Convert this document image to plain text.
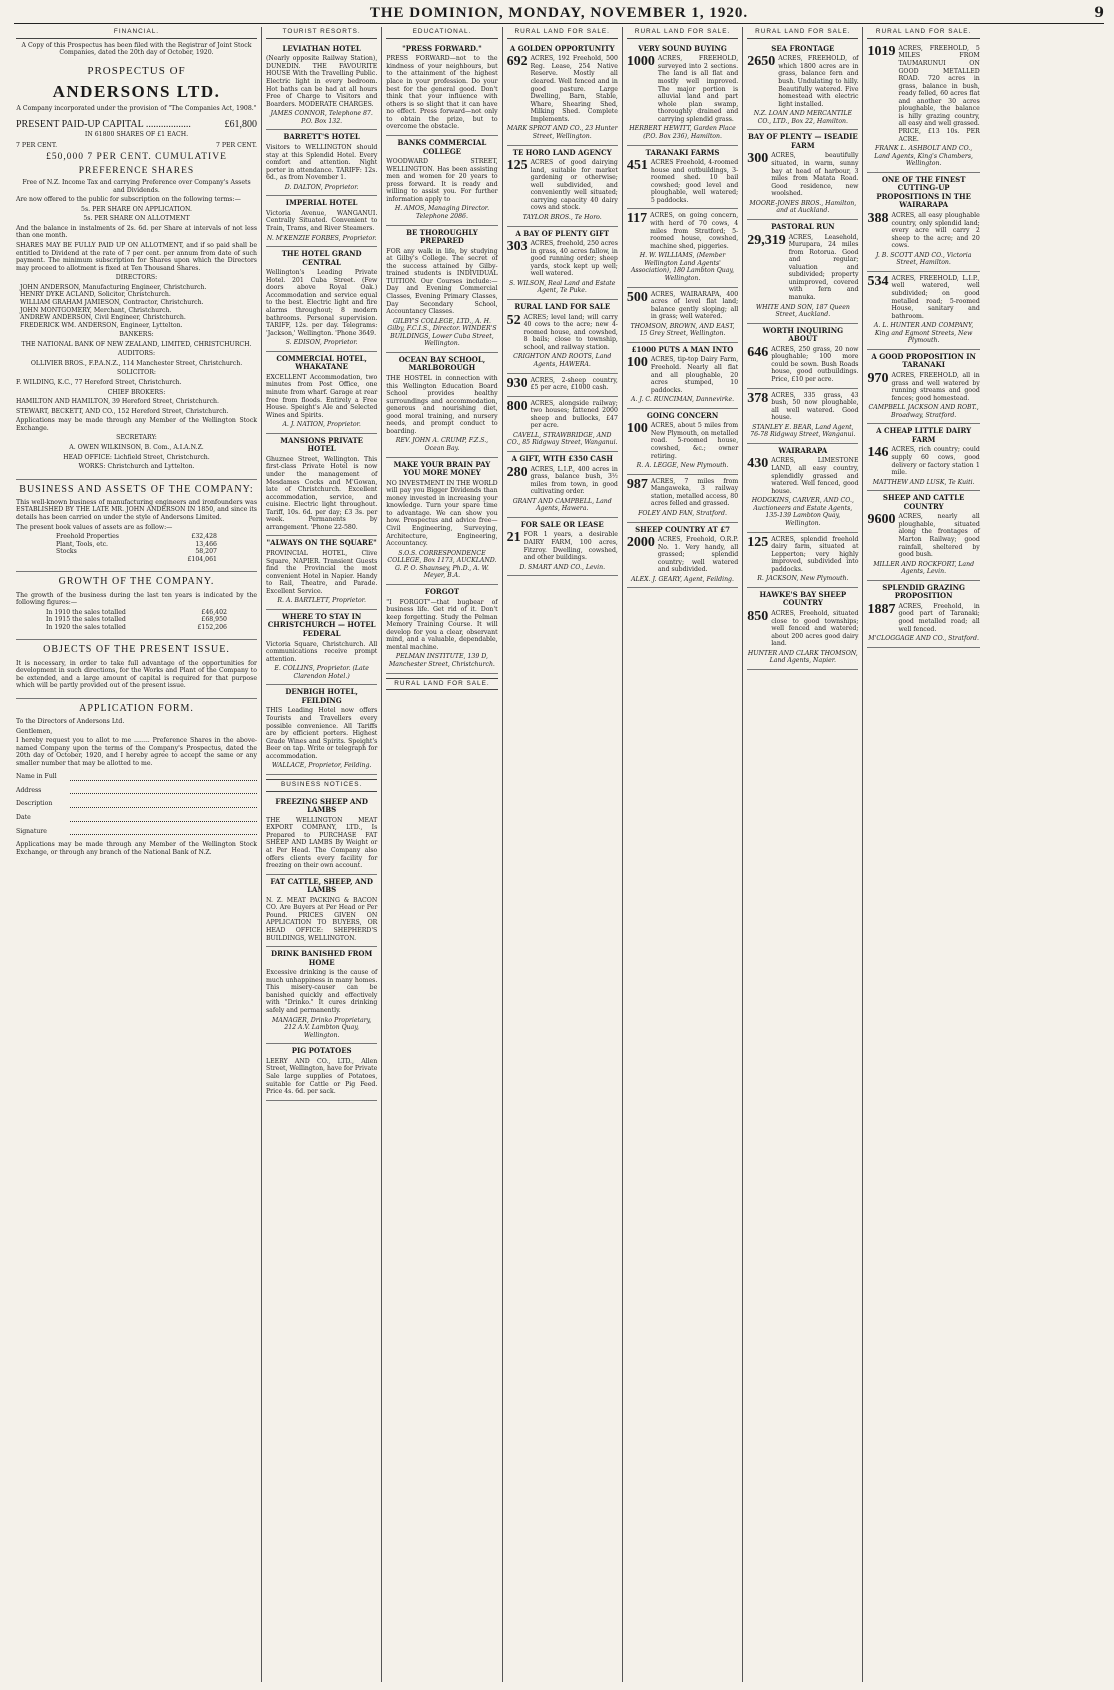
THE DOMINION, MONDAY, NOVEMBER 1, 1920.	9
FINANCIAL.

A Copy of this Prospectus has been filed with the Registrar of Joint Stock Companies, dated the 20th day of October, 1920.

PROSPECTUS OF
ANDERSONS LTD.

A Company incorporated under the provision of "The Companies Act, 1908."

PRESENT PAID-UP CAPITAL ..................	£61,800

IN 61800 SHARES OF £1 EACH.

7 PER CENT.	7 PER CENT.
£50,000 7 PER CENT. CUMULATIVE
PREFERENCE SHARES

Free of N.Z. Income Tax and carrying Preference over Company's Assets and Dividends.

Are now offered to the public for subscription on the following terms:—

5s. PER SHARE ON APPLICATION.

5s. PER SHARE ON ALLOTMENT

And the balance in instalments of 2s. 6d. per Share at intervals of not less than one month.

SHARES MAY BE FULLY PAID UP ON ALLOTMENT, and if so paid shall be entitled to Dividend at the rate of 7 per cent. per annum from date of such payment. The minimum subscription for Shares upon which the Directors may proceed to allotment is fixed at Ten Thousand Shares.

DIRECTORS:

JOHN ANDERSON, Manufacturing Engineer, Christchurch.
HENRY DYKE ACLAND, Solicitor, Christchurch.
WILLIAM GRAHAM JAMIESON, Contractor, Christchurch.
JOHN MONTGOMERY, Merchant, Christchurch.
ANDREW ANDERSON, Civil Engineer, Christchurch.
FREDERICK WM. ANDERSON, Engineer, Lyttelton.

BANKERS:

THE NATIONAL BANK OF NEW ZEALAND, LIMITED, CHRISTCHURCH.

AUDITORS:

OLLIVIER BROS., F.P.A.N.Z., 114 Manchester Street, Christchurch.

SOLICITOR:

F. WILDING, K.C., 77 Hereford Street, Christchurch.

CHIEF BROKERS:

HAMILTON AND HAMILTON, 39 Hereford Street, Christchurch.

STEWART, BECKETT, AND CO., 152 Hereford Street, Christchurch.

Applications may be made through any Member of the Wellington Stock Exchange.

SECRETARY:

A. OWEN WILKINSON, B. Com., A.I.A.N.Z.

HEAD OFFICE: Lichfield Street, Christchurch.

WORKS: Christchurch and Lyttelton.

BUSINESS AND ASSETS OF THE COMPANY:

This well-known business of manufacturing engineers and ironfounders was ESTABLISHED BY THE LATE MR. JOHN ANDERSON IN 1850, and since its details has been carried on under the style of Andersons Limited.

The present book values of assets are as follow:—

Freehold Properties	£32,428
Plant, Tools, etc.	13,466
Stocks	58,207
£104,061
GROWTH OF THE COMPANY.

The growth of the business during the last ten years is indicated by the following figures:—

In 1910 the sales totalled	£46,402
In 1915 the sales totalled	£68,950
In 1920 the sales totalled	£152,206
OBJECTS OF THE PRESENT ISSUE.

It is necessary, in order to take full advantage of the opportunities for development in such directions, for the Works and Plant of the Company to be extended, and a large amount of capital is required for that purpose which will be partly provided out of the present issue.

APPLICATION FORM.

To the Directors of Andersons Ltd.

Gentlemen,

I hereby request you to allot to me ........ Preference Shares in the above-named Company upon the terms of the Company's Prospectus, dated the 20th day of October, 1920, and I hereby agree to accept the same or any smaller number that may be allotted to me.

Name in Full
Address
Description
Date
Signature

Applications may be made through any Member of the Wellington Stock Exchange, or through any branch of the National Bank of N.Z.

TOURIST RESORTS.
LEVIATHAN HOTEL
(Nearly opposite Railway Station), DUNEDIN. THE FAVOURITE HOUSE With the Travelling Public. Electric light in every bedroom. Hot baths can be had at all hours Free of Charge to Visitors and Boarders. MODERATE CHARGES.
JAMES CONNOR, Telephone 87. P.O. Box 132.
BARRETT'S HOTEL
Visitors to WELLINGTON should stay at this Splendid Hotel. Every comfort and attention. Night porter in attendance. TARIFF: 12s. 6d., as from November 1.
D. DALTON, Proprietor.
IMPERIAL HOTEL
Victoria Avenue, WANGANUI. Centrally Situated. Convenient to Train, Trams, and River Steamers.
N. M'KENZIE FORBES, Proprietor.
THE HOTEL GRAND CENTRAL
Wellington's Leading Private Hotel. 201 Cuba Street. (Few doors above Royal Oak.) Accommodation and service equal to the best. Electric light and fire alarms throughout; 8 modern bathrooms. Personal supervision. TARIFF, 12s. per day. Telegrams: 'Jackson,' Wellington. 'Phone 3649.
S. EDISON, Proprietor.
COMMERCIAL HOTEL, WHAKATANE
EXCELLENT Accommodation, two minutes from Post Office, one minute from wharf. Garage at rear free from floods. Entirely a Free House. Speight's Ale and Selected Wines and Spirits.
A. J. NATION, Proprietor.
MANSIONS PRIVATE HOTEL
Ghuznee Street, Wellington. This first-class Private Hotel is now under the management of Mesdames Cocks and M'Gowan, late of Christchurch. Excellent accommodation, service, and cuisine. Electric light throughout. Tariff, 10s. 6d. per day; £3 3s. per week. Permanents by arrangement. 'Phone 22-580.
"ALWAYS ON THE SQUARE"
PROVINCIAL HOTEL, Clive Square, NAPIER. Transient Guests find the Provincial the most convenient Hotel in Napier. Handy to Rail, Theatre, and Parade. Excellent Service.
R. A. BARTLETT, Proprietor.
WHERE TO STAY IN CHRISTCHURCH — HOTEL FEDERAL
Victoria Square, Christchurch. All communications receive prompt attention.
E. COLLINS, Proprietor. (Late Clarendon Hotel.)
DENBIGH HOTEL, FEILDING
THIS Leading Hotel now offers Tourists and Travellers every possible convenience. All Tariffs are by efficient porters. Highest Grade Wines and Spirits. Speight's Beer on tap. Write or telegraph for accommodation.
WALLACE, Proprietor, Feilding.
BUSINESS NOTICES.
FREEZING SHEEP AND LAMBS
THE WELLINGTON MEAT EXPORT COMPANY, LTD., Is Prepared to PURCHASE FAT SHEEP AND LAMBS By Weight or at Per Head. The Company also offers clients every facility for freezing on their own account.
FAT CATTLE, SHEEP, AND LAMBS
N. Z. MEAT PACKING & BACON CO. Are Buyers at Per Head or Per Pound. PRICES GIVEN ON APPLICATION TO BUYERS, OR HEAD OFFICE: SHEPHERD'S BUILDINGS, WELLINGTON.
DRINK BANISHED FROM HOME
Excessive drinking is the cause of much unhappiness in many homes. This misery-causer can be banished quickly and effectively with "Drinko." It cures drinking safely and permanently.
MANAGER, Drinko Proprietary, 212 A.V. Lambton Quay, Wellington.
PIG POTATOES
LEERY AND CO., LTD., Allen Street, Wellington, have for Private Sale large supplies of Potatoes, suitable for Cattle or Pig Feed. Price 4s. 6d. per sack.
EDUCATIONAL.
"PRESS FORWARD."
PRESS FORWARD—not to the kindness of your neighbours, but to the attainment of the highest place in your profession. Do your best for the general good. Don't think that your influence with others is so slight that it can have no effect. Press forward—not only to obtain the prize, but to overcome the obstacle.
BANKS COMMERCIAL COLLEGE
WOODWARD STREET, WELLINGTON. Has been assisting men and women for 20 years to press forward. It is ready and willing to assist you. For further information apply to
H. AMOS, Managing Director. Telephone 2086.
BE THOROUGHLY PREPARED
FOR any walk in life, by studying at Gilby's College. The secret of the success attained by Gilby-trained students is INDIVIDUAL TUITION. Our Courses include:— Day and Evening Commercial Classes, Evening Primary Classes, Day Secondary School, Accountancy Classes.
GILBY'S COLLEGE, LTD., A. H. Gilby, F.C.I.S., Director. WINDER'S BUILDINGS, Lower Cuba Street, Wellington.
OCEAN BAY SCHOOL, MARLBOROUGH
THE HOSTEL in connection with this Wellington Education Board School provides healthy surroundings and accommodation, generous and nourishing diet, good moral training, and nursery needs, and prompt conduct to boarding.
REV. JOHN A. CRUMP, F.Z.S., Ocean Bay.
MAKE YOUR BRAIN PAY YOU MORE MONEY
NO INVESTMENT IN THE WORLD will pay you Bigger Dividends than money invested in increasing your knowledge. Turn your spare time to advantage. We can show you how. Prospectus and advice free—Civil Engineering, Surveying, Architecture, Engineering, Accountancy.
S.O.S. CORRESPONDENCE COLLEGE, Box 1173, AUCKLAND. G. P. O. Shaunsey, Ph.D., A. W. Meyer, B.A.
FORGOT
"I FORGOT"—that bugbear of business life. Get rid of it. Don't keep forgetting. Study the Pelman Memory Training Course. It will develop for you a clear, observant mind, and a valuable, dependable, mental machine.
PELMAN INSTITUTE, 139 D, Manchester Street, Christchurch.
RURAL LAND FOR SALE.
RURAL LAND FOR SALE.
A GOLDEN OPPORTUNITY
692 ACRES, 192 Freehold, 500 Reg. Lease, 254 Native Reserve. Mostly all cleared. Well fenced and in good pasture. Large Dwelling, Barn, Stable, Whare, Shearing Shed, Milking Shed. Complete Implements.
MARK SPROT AND CO., 23 Hunter Street, Wellington.
TE HORO LAND AGENCY
125 ACRES of good dairying land, suitable for market gardening or otherwise; well subdivided, and conveniently well situated; carrying capacity 40 dairy cows and stock.
TAYLOR BROS., Te Horo.
A BAY OF PLENTY GIFT
303 ACRES, freehold, 250 acres in grass, 40 acres fallow, in good running order; sheep yards, stock kept up well; well watered.
S. WILSON, Real Land and Estate Agent, Te Puke.
RURAL LAND FOR SALE
52 ACRES; level land; will carry 40 cows to the acre; new 4-roomed house, and cowshed, 8 bails; close to township, school, and railway station.
CRIGHTON AND ROOTS, Land Agents, HAWERA.
930 ACRES, 2-sheep country, £5 per acre, £1000 cash.
800 ACRES, alongside railway; two houses; fattened 2000 sheep and bullocks, £47 per acre.
CAVELL, STRAWBRIDGE, AND CO., 85 Ridgway Street, Wanganui.
A GIFT, WITH £350 CASH
280 ACRES, L.I.P., 400 acres in grass, balance bush, 3½ miles from town, in good cultivating order.
GRANT AND CAMPBELL, Land Agents, Hawera.
FOR SALE OR LEASE
21 FOR 1 years, a desirable DAIRY FARM, 100 acres, Fitzroy. Dwelling, cowshed, and other buildings.
D. SMART AND CO., Levin.
RURAL LAND FOR SALE.
VERY SOUND BUYING
1000 ACRES, FREEHOLD, surveyed into 2 sections. The land is all flat and mostly well improved. The major portion is alluvial land and part whole plan swamp, thoroughly drained and carrying splendid grass.
HERBERT HEWITT, Garden Place (P.O. Box 236), Hamilton.
TARANAKI FARMS
451 ACRES Freehold, 4-roomed house and outbuildings, 3-roomed shed. 10 bail cowshed; good level and ploughable, well watered; 5 paddocks.
117 ACRES, on going concern, with herd of 70 cows, 4 miles from Stratford; 5-roomed house, cowshed, machine shed, piggeries.
H. W. WILLIAMS, (Member Wellington Land Agents' Association), 180 Lambton Quay, Wellington.
500 ACRES, WAIRARAPA, 400 acres of level flat land; balance gently sloping; all in grass; well watered.
THOMSON, BROWN, AND EAST, 15 Grey Street, Wellington.
£1000 PUTS A MAN INTO
100 ACRES, tip-top Dairy Farm, Freehold. Nearly all flat and all ploughable, 20 acres stumped, 10 paddocks.
A. J. C. RUNCIMAN, Dannevirke.
GOING CONCERN
100 ACRES, about 5 miles from New Plymouth, on metalled road. 5-roomed house, cowshed, &c.; owner retiring.
R. A. LEGGE, New Plymouth.
987 ACRES, 7 miles from Mangaweka, 3 railway station, metalled access, 80 acres felled and grassed.
FOLEY AND FAN, Stratford.
SHEEP COUNTRY AT £7
2000 ACRES, Freehold, O.R.P. No. 1. Very handy, all grassed; splendid country; well watered and subdivided.
ALEX. J. GEARY, Agent, Feilding.
RURAL LAND FOR SALE.
SEA FRONTAGE
2650 ACRES, FREEHOLD, of which 1800 acres are in grass, balance fern and bush. Undulating to hilly. Beautifully watered. Five homestead with electric light installed.
N.Z. LOAN AND MERCANTILE CO., LTD., Box 22, Hamilton.
BAY OF PLENTY — ISEADIE FARM
300 ACRES, beautifully situated, in warm, sunny bay at head of harbour, 3 miles from Matata Road. Good residence, new woolshed.
MOORE-JONES BROS., Hamilton, and at Auckland.
PASTORAL RUN
29,319 ACRES, Leasehold, Murupara, 24 miles from Rotorua. Good and regular; valuation and subdivided; property unimproved, covered with fern and manuka.
WHITE AND SON, 187 Queen Street, Auckland.
WORTH INQUIRING ABOUT
646 ACRES, 250 grass, 20 now ploughable; 100 more could be sown. Bush Roads house, good outbuildings. Price, £10 per acre.
378 ACRES, 335 grass, 43 bush, 50 now ploughable, all well watered. Good house.
STANLEY E. BEAR, Land Agent, 76-78 Ridgway Street, Wanganui.
WAIRARAPA
430 ACRES, LIMESTONE LAND, all easy country, splendidly grassed and watered. Well fenced, good house.
HODGKINS, CARVER, AND CO., Auctioneers and Estate Agents, 135-139 Lambton Quay, Wellington.
125 ACRES, splendid freehold dairy farm, situated at Lepperton; very highly improved, subdivided into paddocks.
R. JACKSON, New Plymouth.
HAWKE'S BAY SHEEP COUNTRY
850 ACRES, Freehold, situated close to good townships; well fenced and watered; about 200 acres good dairy land.
HUNTER AND CLARK THOMSON, Land Agents, Napier.
RURAL LAND FOR SALE.
1019 ACRES, FREEHOLD, 5 MILES FROM TAUMARUNUI ON GOOD METALLED ROAD. 720 acres in grass, balance in bush, ready felled, 60 acres flat and another 30 acres ploughable, the balance is hilly grazing country, all easy and well grassed. PRICE, £13 10s. PER ACRE.
FRANK L. ASHBOLT AND CO., Land Agents, King's Chambers, Wellington.
ONE OF THE FINEST CUTTING-UP PROPOSITIONS IN THE WAIRARAPA
388 ACRES, all easy ploughable country, only splendid land; every acre will carry 2 sheep to the acre; and 20 cows.
J. B. SCOTT AND CO., Victoria Street, Hamilton.
534 ACRES, FREEHOLD, L.I.P., well watered, well subdivided; on good metalled road; 5-roomed House, sanitary and bathroom.
A. L. HUNTER AND COMPANY, King and Egmont Streets, New Plymouth.
A GOOD PROPOSITION IN TARANAKI
970 ACRES, FREEHOLD, all in grass and well watered by running streams and good fences; good homestead.
CAMPBELL JACKSON AND ROBT., Broadway, Stratford.
A CHEAP LITTLE DAIRY FARM
146 ACRES, rich country; could supply 60 cows, good delivery or factory station 1 mile.
MATTHEW AND LUSK, Te Kuiti.
SHEEP AND CATTLE COUNTRY
9600 ACRES, nearly all ploughable, situated along the frontages of Marton Railway; good rainfall, sheltered by good bush.
MILLER AND ROCKFORT, Land Agents, Levin.
SPLENDID GRAZING PROPOSITION
1887 ACRES, Freehold, in good part of Taranaki; good metalled road; all well fenced.
M'CLOGGAGE AND CO., Stratford.
